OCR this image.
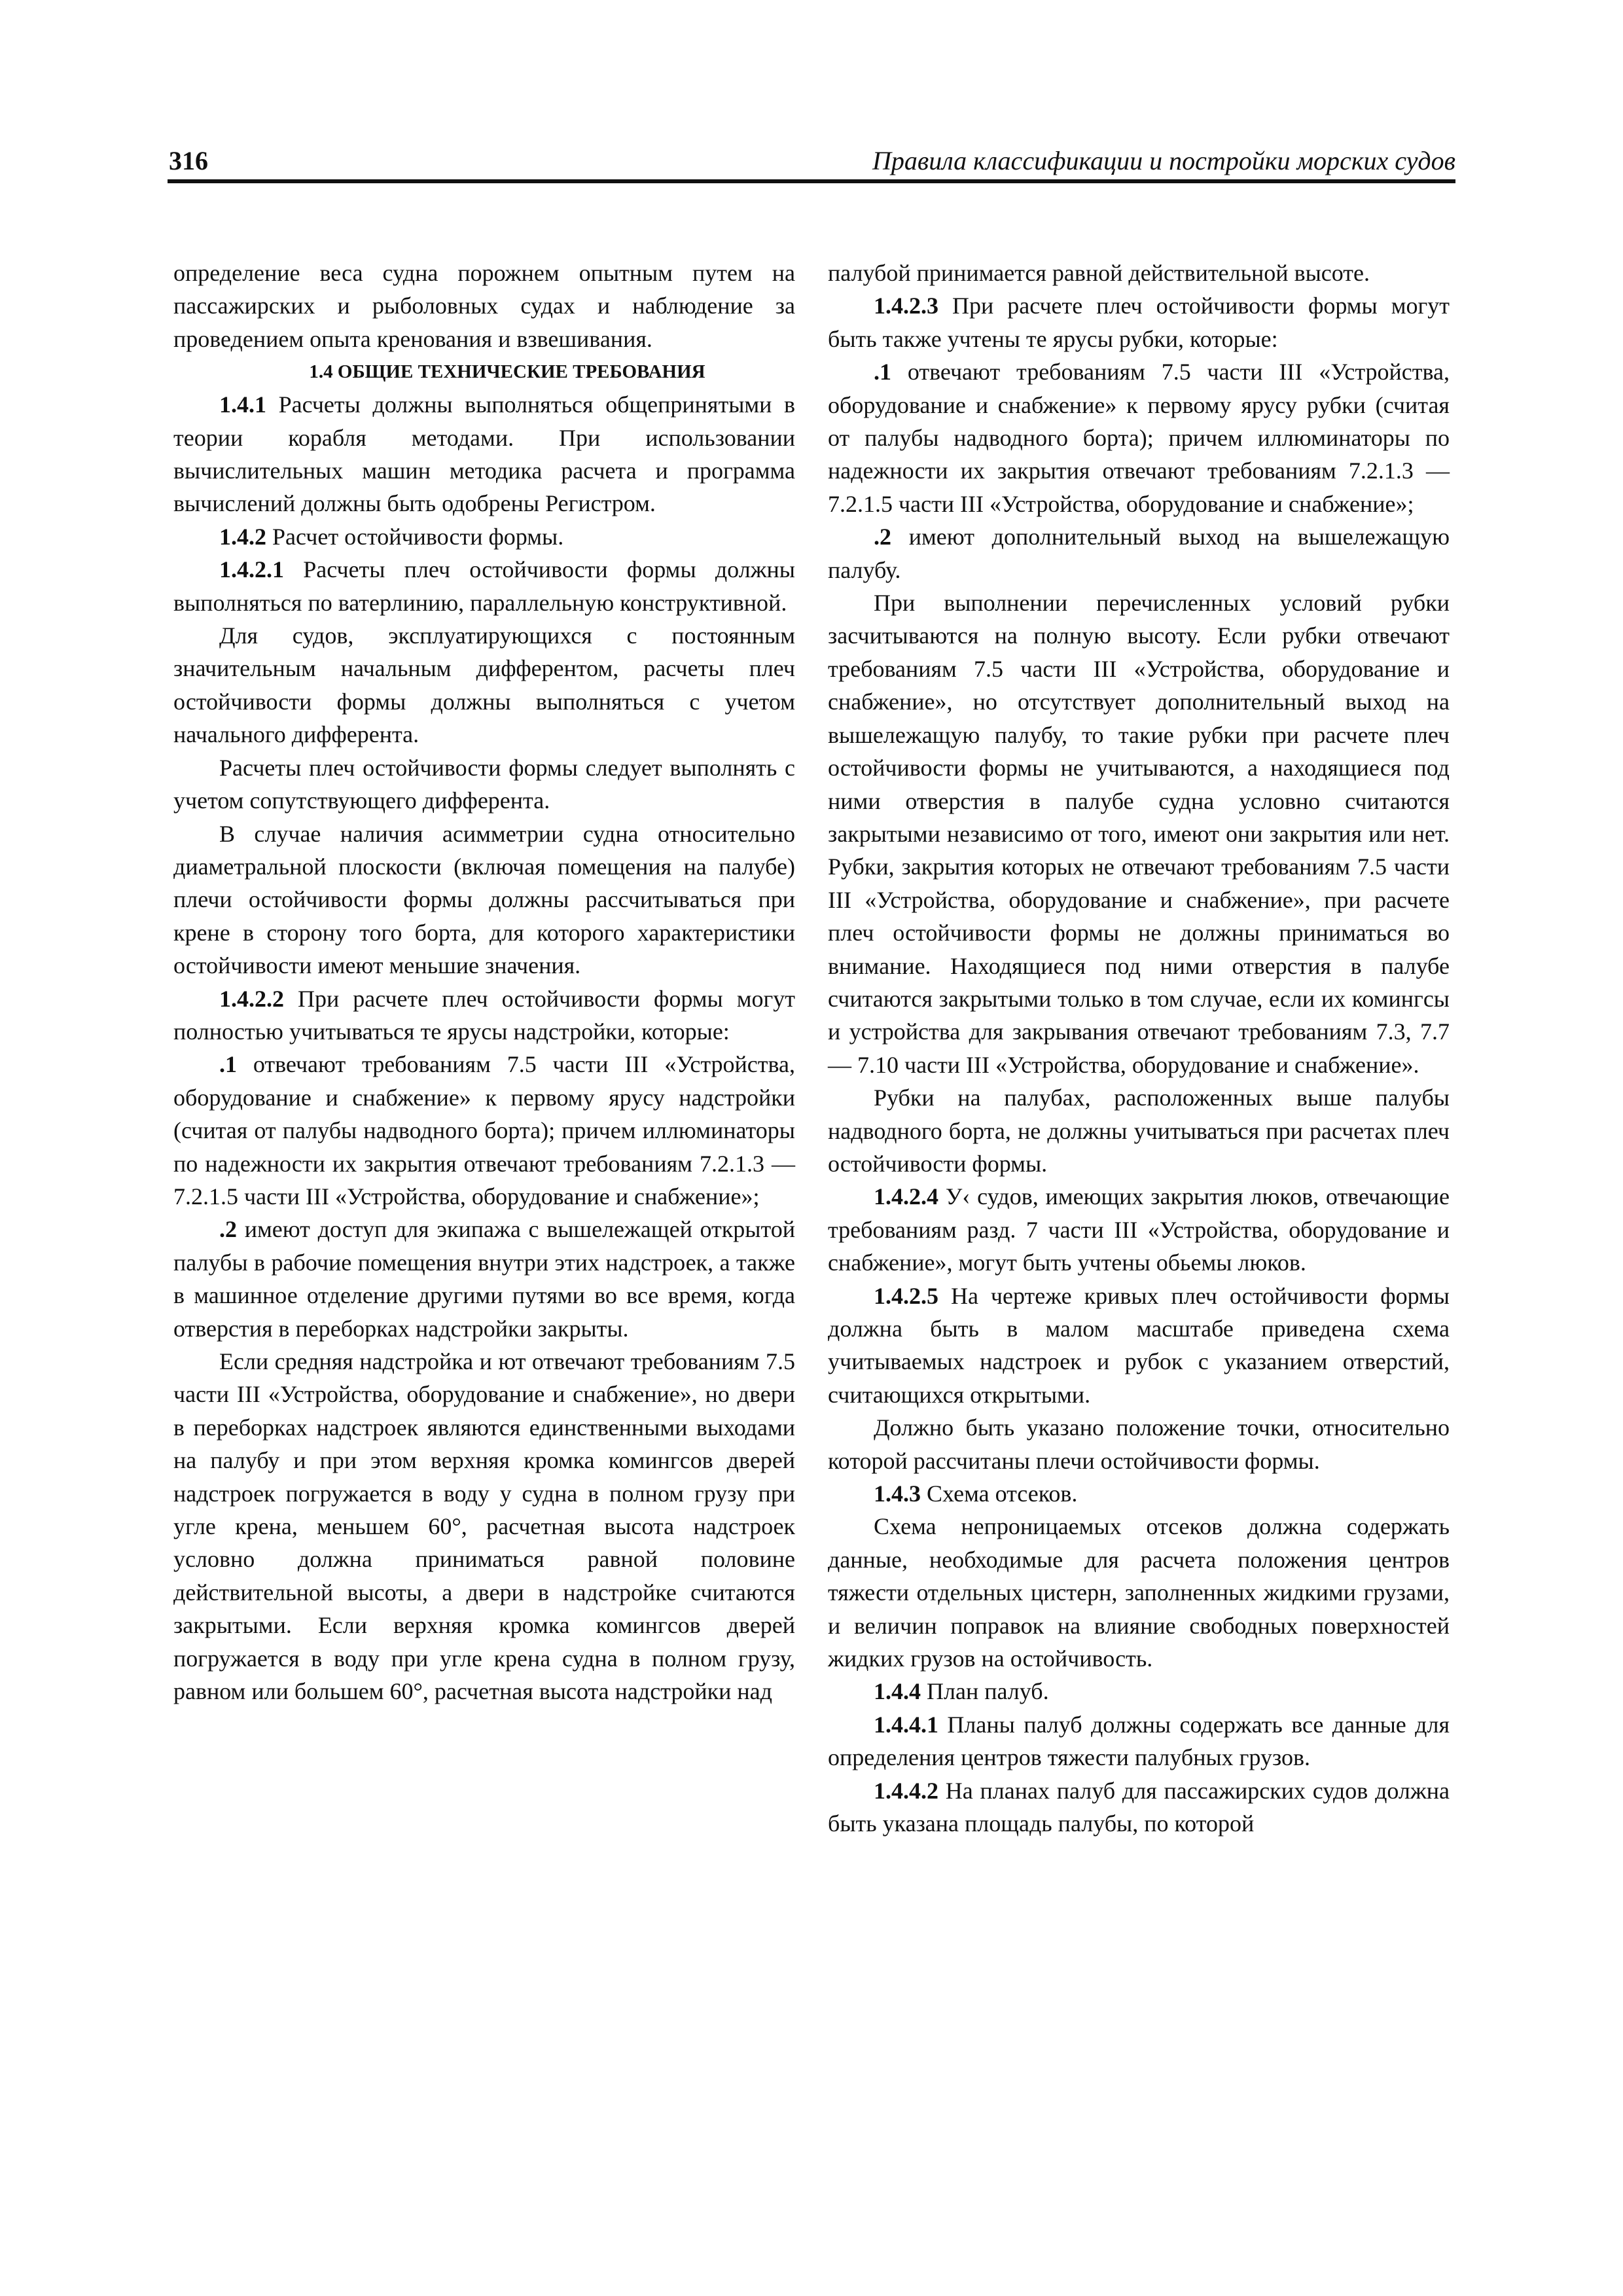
316	Правила классификации и постройки морских судов

определение веса судна порожнем опытным путем на пассажирских и рыболовных судах и наблюдение за проведением опыта кренования и взвешивания.

1.4 ОБЩИЕ ТЕХНИЧЕСКИЕ ТРЕБОВАНИЯ

1.4.1 Расчеты должны выполняться общепринятыми в теории корабля методами. При использовании вычислительных машин методика расчета и программа вычислений должны быть одобрены Регистром.

1.4.2 Расчет остойчивости формы.

1.4.2.1 Расчеты плеч остойчивости формы должны выполняться по ватерлинию, параллельную конструктивной.

Для судов, эксплуатирующихся с постоянным значительным начальным дифферентом, расчеты плеч остойчивости формы должны выполняться с учетом начального дифферента.

Расчеты плеч остойчивости формы следует выполнять с учетом сопутствующего дифферента.

В случае наличия асимметрии судна относительно диаметральной плоскости (включая помещения на палубе) плечи остойчивости формы должны рассчитываться при крене в сторону того борта, для которого характеристики остойчивости имеют меньшие значения.

1.4.2.2 При расчете плеч остойчивости формы могут полностью учитываться те ярусы надстройки, которые:

.1 отвечают требованиям 7.5 части III «Устройства, оборудование и снабжение» к первому ярусу надстройки (считая от палубы надводного борта); причем иллюминаторы по надежности их закрытия отвечают требованиям 7.2.1.3 — 7.2.1.5 части III «Устройства, оборудование и снабжение»;

.2 имеют доступ для экипажа с вышележащей открытой палубы в рабочие помещения внутри этих надстроек, а также в машинное отделение другими путями во все время, когда отверстия в переборках надстройки закрыты.

Если средняя надстройка и ют отвечают требованиям 7.5 части III «Устройства, оборудование и снабжение», но двери в переборках надстроек являются единственными выходами на палубу и при этом верхняя кромка комингсов дверей надстроек погружается в воду у судна в полном грузу при угле крена, меньшем 60°, расчетная высота надстроек условно должна приниматься равной половине действительной высоты, а двери в надстройке считаются закрытыми. Если верхняя кромка комингсов дверей погружается в воду при угле крена судна в полном грузу, равном или большем 60°, расчетная высота надстройки над

палубой принимается равной действительной высоте.

1.4.2.3 При расчете плеч остойчивости формы могут быть также учтены те ярусы рубки, которые:

.1 отвечают требованиям 7.5 части III «Устройства, оборудование и снабжение» к первому ярусу рубки (считая от палубы надводного борта); причем иллюминаторы по надежности их закрытия отвечают требованиям 7.2.1.3 — 7.2.1.5 части III «Устройства, оборудование и снабжение»;

.2 имеют дополнительный выход на вышележащую палубу.

При выполнении перечисленных условий рубки засчитываются на полную высоту. Если рубки отвечают требованиям 7.5 части III «Устройства, оборудование и снабжение», но отсутствует дополнительный выход на вышележащую палубу, то такие рубки при расчете плеч остойчивости формы не учитываются, а находящиеся под ними отверстия в палубе судна условно считаются закрытыми независимо от того, имеют они закрытия или нет. Рубки, закрытия которых не отвечают требованиям 7.5 части III «Устройства, оборудование и снабжение», при расчете плеч остойчивости формы не должны приниматься во внимание. Находящиеся под ними отверстия в палубе считаются закрытыми только в том случае, если их комингсы и устройства для закрывания отвечают требованиям 7.3, 7.7 — 7.10 части III «Устройства, оборудование и снабжение».

Рубки на палубах, расположенных выше палубы надводного борта, не должны учитываться при расчетах плеч остойчивости формы.

1.4.2.4 У‹ судов, имеющих закрытия люков, отвечающие требованиям разд. 7 части III «Устройства, оборудование и снабжение», могут быть учтены обьемы люков.

1.4.2.5 На чертеже кривых плеч остойчивости формы должна быть в малом масштабе приведена схема учитываемых надстроек и рубок с указанием отверстий, считающихся открытыми.

Должно быть указано положение точки, относительно которой рассчитаны плечи остойчивости формы.

1.4.3 Схема отсеков.

Схема непроницаемых отсеков должна содержать данные, необходимые для расчета положения центров тяжести отдельных цистерн, заполненных жидкими грузами, и величин поправок на влияние свободных поверхностей жидких грузов на остойчивость.

1.4.4 План палуб.

1.4.4.1 Планы палуб должны содержать все данные для определения центров тяжести палубных грузов.

1.4.4.2 На планах палуб для пассажирских судов должна быть указана площадь палубы, по которой
